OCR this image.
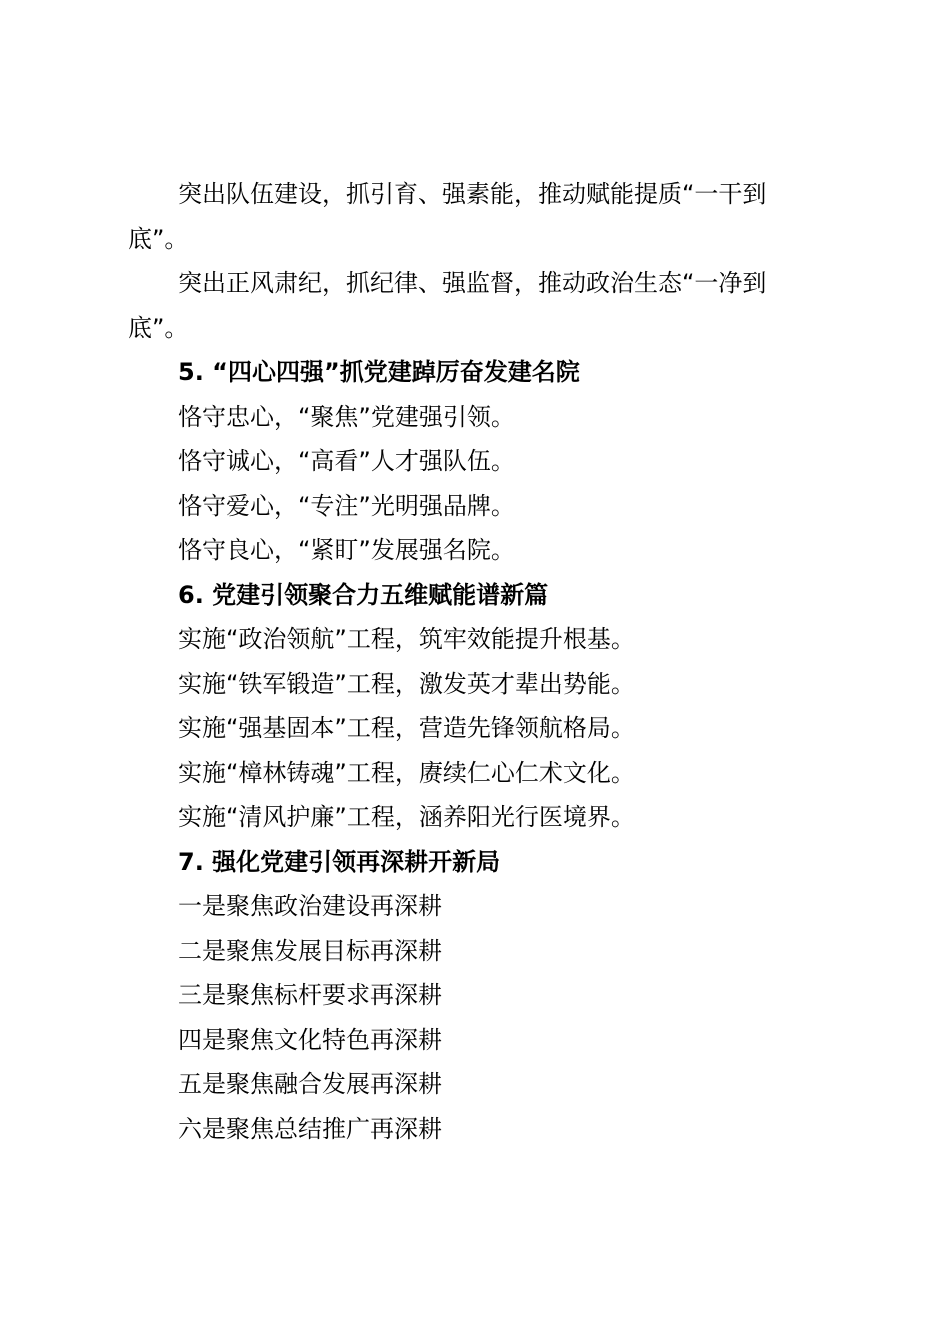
突出队伍建设，抓引育、强素能，推动赋能提质“一干到底”。

突出正风肃纪，抓纪律、强监督，推动政治生态“一净到底”。

5. “四心四强”抓党建踔厉奋发建名院

恪守忠心，“聚焦”党建强引领。

恪守诚心，“高看”人才强队伍。

恪守爱心，“专注”光明强品牌。

恪守良心，“紧盯”发展强名院。

6. 党建引领聚合力五维赋能谱新篇

实施“政治领航”工程，筑牢效能提升根基。

实施“铁军锻造”工程，激发英才辈出势能。

实施“强基固本”工程，营造先锋领航格局。

实施“樟林铸魂”工程，赓续仁心仁术文化。

实施“清风护廉”工程，涵养阳光行医境界。

7. 强化党建引领再深耕开新局

一是聚焦政治建设再深耕

二是聚焦发展目标再深耕

三是聚焦标杆要求再深耕

四是聚焦文化特色再深耕

五是聚焦融合发展再深耕

六是聚焦总结推广再深耕
